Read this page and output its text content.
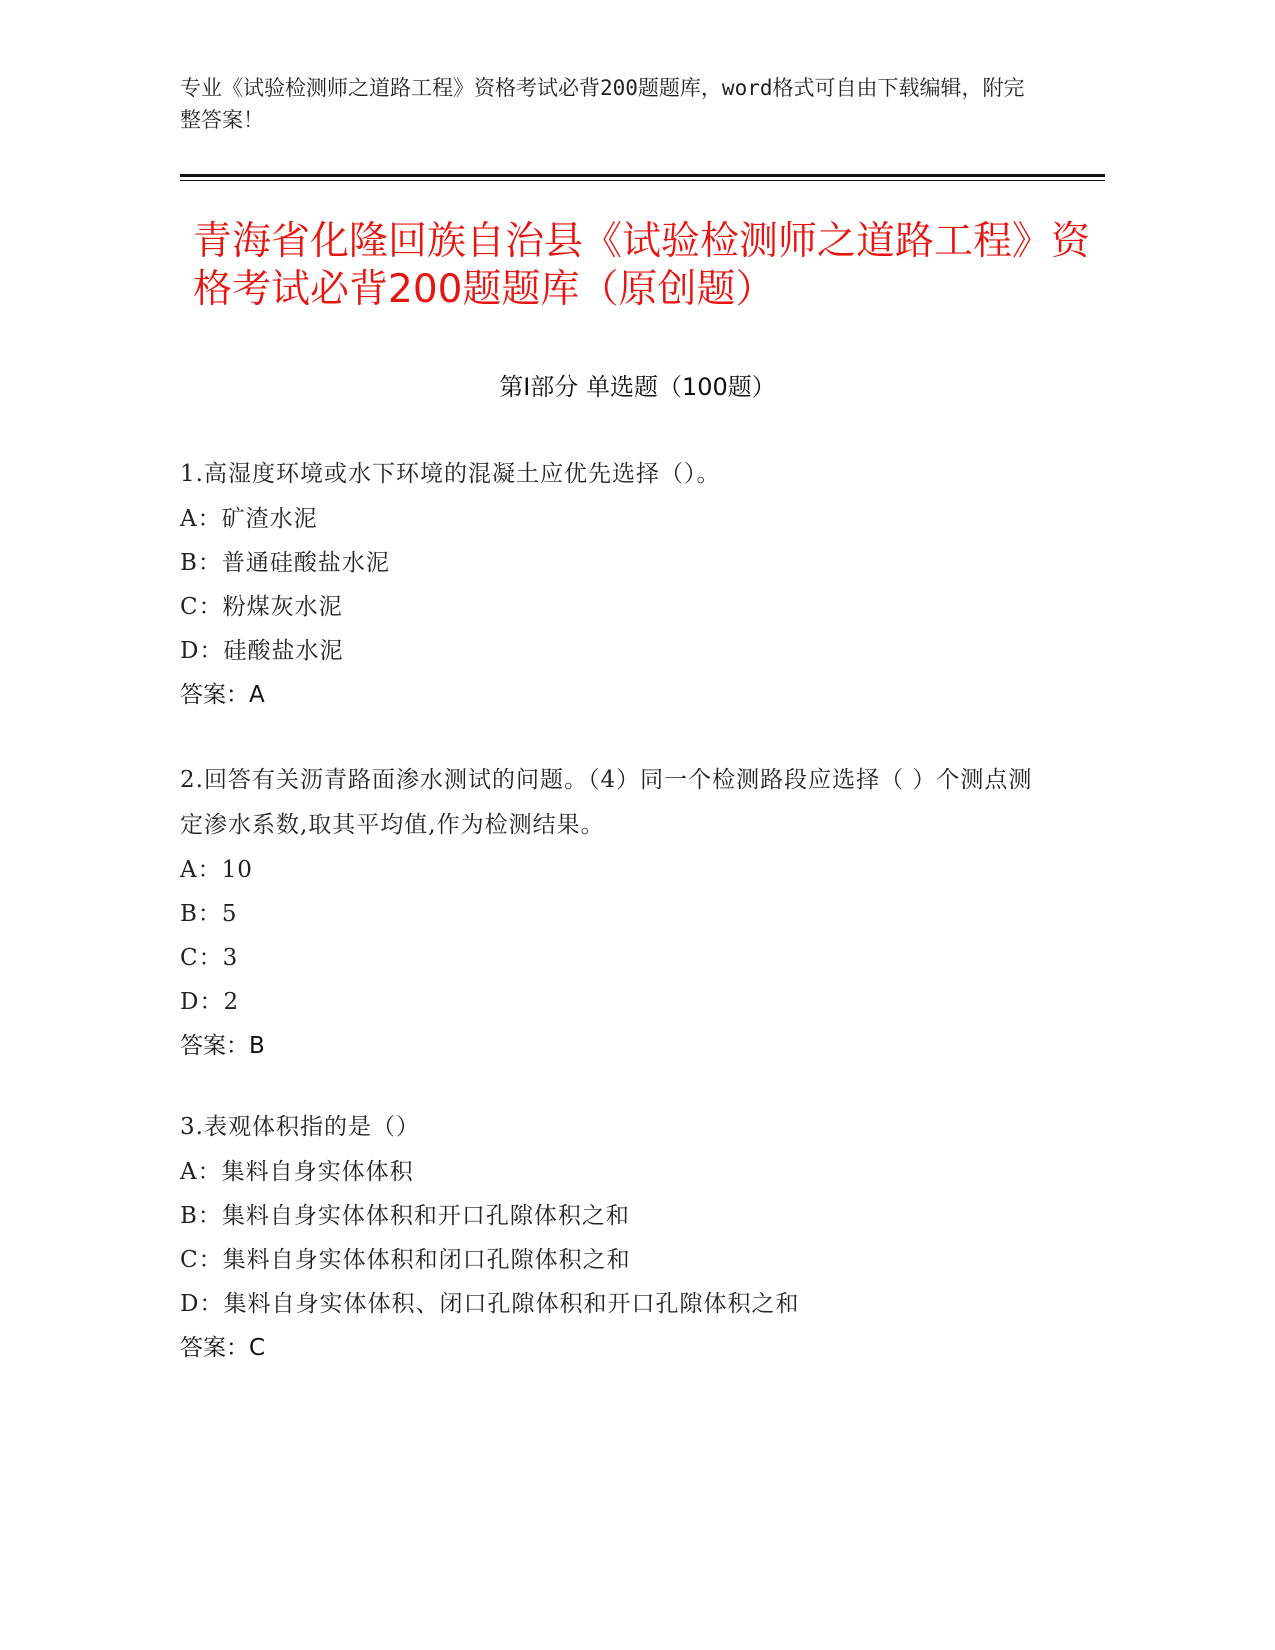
专业《试验检测师之道路工程》资格考试必背200题题库，word格式可自由下载编辑，附完整答案！
青海省化隆回族自治县《试验检测师之道路工程》资格考试必背200题题库（原创题）
第I部分 单选题（100题）
1.高湿度环境或水下环境的混凝土应优先选择（）。
A：矿渣水泥
B：普通硅酸盐水泥
C：粉煤灰水泥
D：硅酸盐水泥
答案：A
2.回答有关沥青路面渗水测试的问题。（4）同一个检测路段应选择（ ）个测点测定渗水系数,取其平均值,作为检测结果。
A：10
B：5
C：3
D：2
答案：B
3.表观体积指的是（）
A：集料自身实体体积
B：集料自身实体体积和开口孔隙体积之和
C：集料自身实体体积和闭口孔隙体积之和
D：集料自身实体体积、闭口孔隙体积和开口孔隙体积之和
答案：C
